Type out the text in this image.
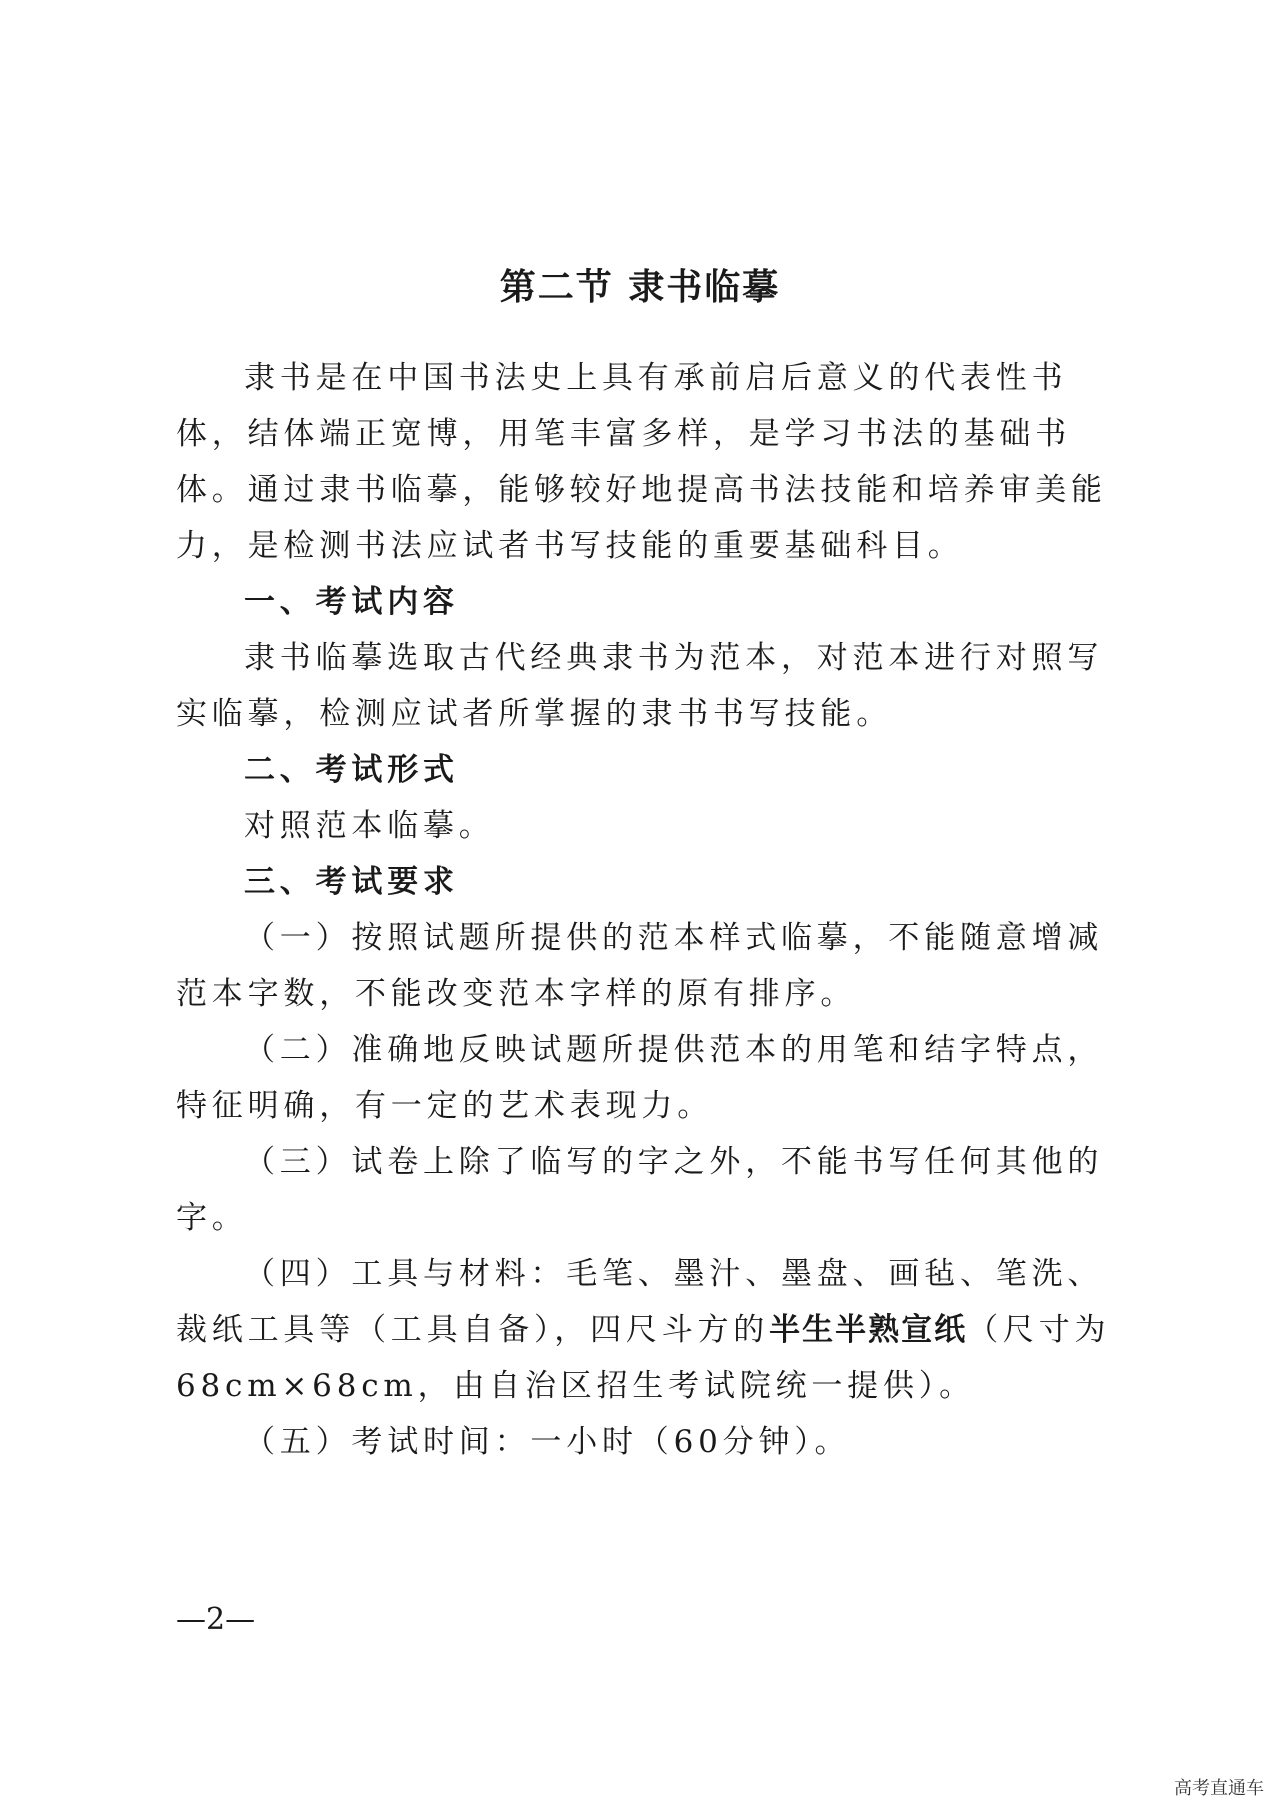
第二节 隶书临摹

隶书是在中国书法史上具有承前启后意义的代表性书体，结体端正宽博，用笔丰富多样，是学习书法的基础书体。通过隶书临摹，能够较好地提高书法技能和培养审美能力，是检测书法应试者书写技能的重要基础科目。

一、考试内容

隶书临摹选取古代经典隶书为范本，对范本进行对照写实临摹，检测应试者所掌握的隶书书写技能。

二、考试形式

对照范本临摹。

三、考试要求

（一）按照试题所提供的范本样式临摹，不能随意增减范本字数，不能改变范本字样的原有排序。

（二）准确地反映试题所提供范本的用笔和结字特点，特征明确，有一定的艺术表现力。

（三）试卷上除了临写的字之外，不能书写任何其他的字。

（四）工具与材料：毛笔、墨汁、墨盘、画毡、笔洗、裁纸工具等（工具自备），四尺斗方的半生半熟宣纸（尺寸为68cm×68cm，由自治区招生考试院统一提供）。

（五）考试时间：一小时（60分钟）。

—2—
高考直通车
